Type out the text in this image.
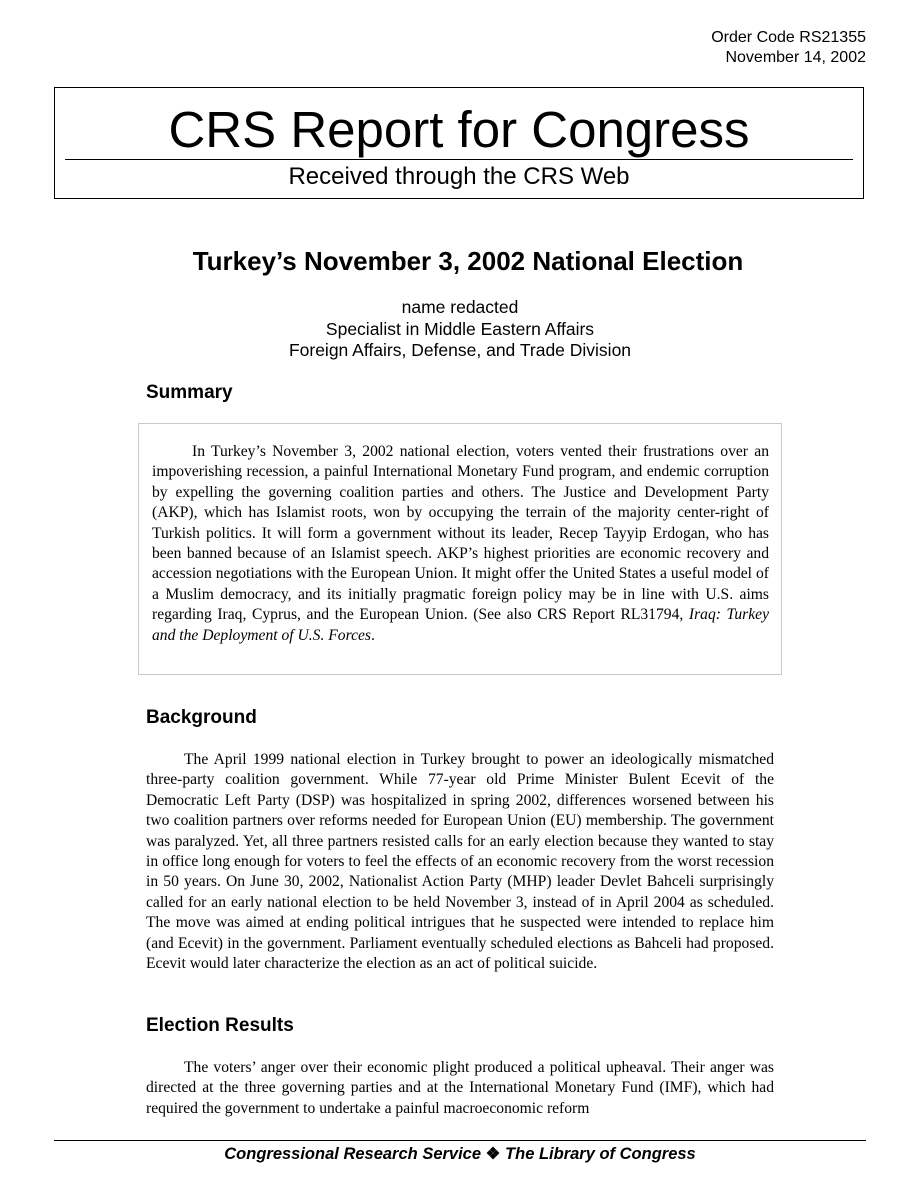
Order Code RS21355
November 14, 2002
CRS Report for Congress
Received through the CRS Web
Turkey’s November 3, 2002 National Election
name redacted
Specialist in Middle Eastern Affairs
Foreign Affairs, Defense, and Trade Division
Summary

In Turkey’s November 3, 2002 national election, voters vented their frustrations over an impoverishing recession, a painful International Monetary Fund program, and endemic corruption by expelling the governing coalition parties and others. The Justice and Development Party (AKP), which has Islamist roots, won by occupying the terrain of the majority center-right of Turkish politics. It will form a government without its leader, Recep Tayyip Erdogan, who has been banned because of an Islamist speech. AKP’s highest priorities are economic recovery and accession negotiations with the European Union. It might offer the United States a useful model of a Muslim democracy, and its initially pragmatic foreign policy may be in line with U.S. aims regarding Iraq, Cyprus, and the European Union. (See also CRS Report RL31794, Iraq: Turkey and the Deployment of U.S. Forces.

Background

The April 1999 national election in Turkey brought to power an ideologically mismatched three-party coalition government. While 77-year old Prime Minister Bulent Ecevit of the Democratic Left Party (DSP) was hospitalized in spring 2002, differences worsened between his two coalition partners over reforms needed for European Union (EU) membership. The government was paralyzed. Yet, all three partners resisted calls for an early election because they wanted to stay in office long enough for voters to feel the effects of an economic recovery from the worst recession in 50 years. On June 30, 2002, Nationalist Action Party (MHP) leader Devlet Bahceli surprisingly called for an early national election to be held November 3, instead of in April 2004 as scheduled. The move was aimed at ending political intrigues that he suspected were intended to replace him (and Ecevit) in the government. Parliament eventually scheduled elections as Bahceli had proposed. Ecevit would later characterize the election as an act of political suicide.

Election Results

The voters’ anger over their economic plight produced a political upheaval. Their anger was directed at the three governing parties and at the International Monetary Fund (IMF), which had required the government to undertake a painful macroeconomic reform

Congressional Research Service ❖ The Library of Congress
